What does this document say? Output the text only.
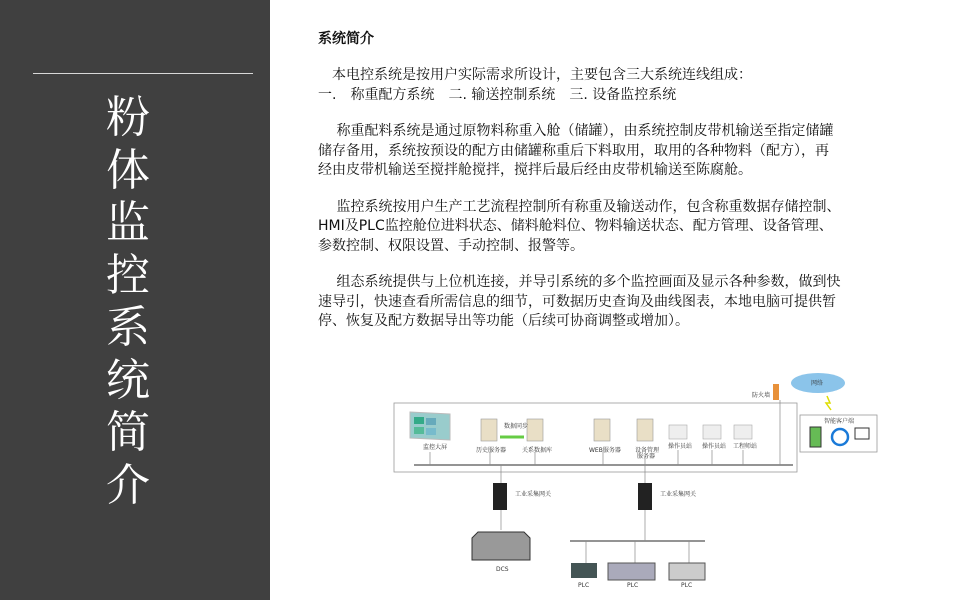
粉
体
监
控
系
统
简
介
系统简介
　本电控系统是按用户实际需求所设计，主要包含三大系统连线组成：
一.　称重配方系统　二. 输送控制系统　三. 设备监控系统
　 称重配料系统是通过原物料称重入舱（储罐），由系统控制皮带机输送至指定储罐
储存备用，系统按预设的配方由储罐称重后下料取用，取用的各种物料（配方），再
经由皮带机输送至搅拌舱搅拌，搅拌后最后经由皮带机输送至陈腐舱。
　 监控系统按用户生产工艺流程控制所有称重及输送动作，包含称重数据存储控制、
HMI及PLC监控舱位进料状态、储料舱料位、物料输送状态、配方管理、设备管理、
参数控制、权限设置、手动控制、报警等。
　 组态系统提供与上位机连接，并导引系统的多个监控画面及显示各种参数，做到快
速导引，快速查看所需信息的细节，可数据历史查询及曲线图表，本地电脑可提供暂
停、恢复及配方数据导出等功能（后续可协商调整或增加）。
监控大屏	历史服务器
数据同步
关系数据库	WEB服务器 设备管理
服务器
操作员站 操作员站 工程师站
防火墙
网络
智能客户端
工业采集网关	工业采集网关
DCS
PLC	PLC	PLC
